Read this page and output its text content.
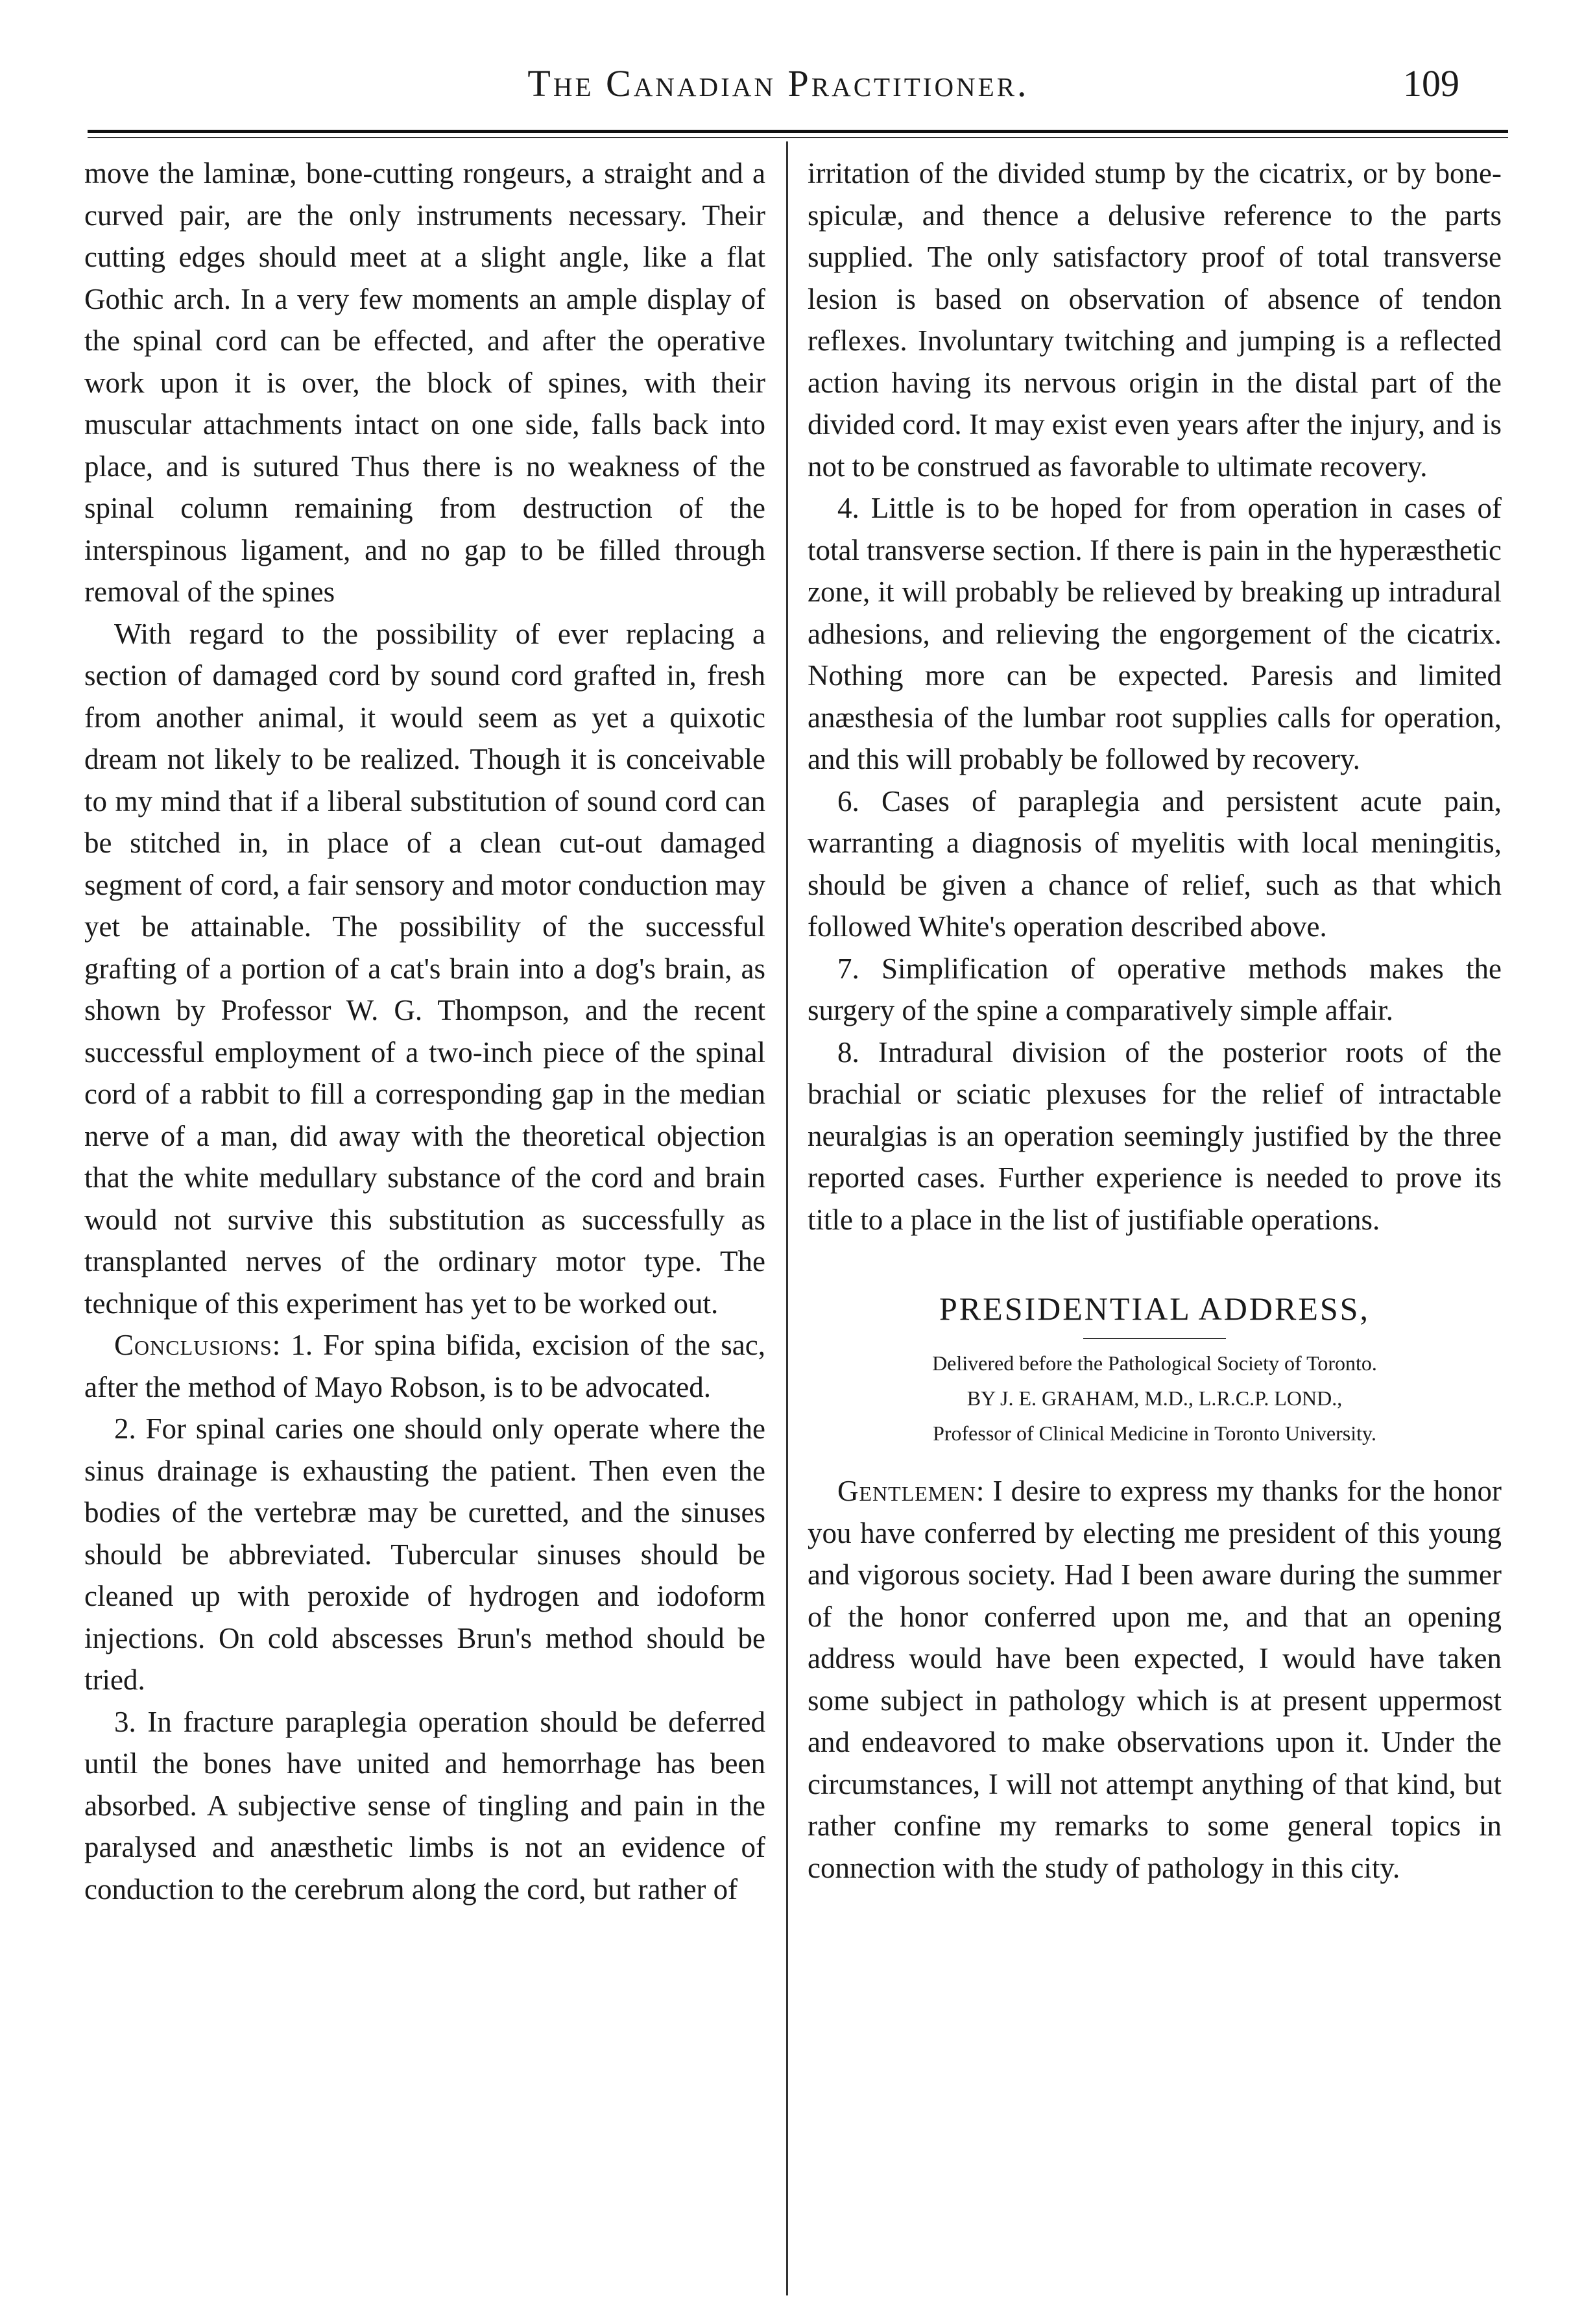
The Canadian Practitioner.	109

move the laminæ, bone-cutting rongeurs, a straight and a curved pair, are the only instruments necessary. Their cutting edges should meet at a slight angle, like a flat Gothic arch. In a very few moments an ample display of the spinal cord can be effected, and after the operative work upon it is over, the block of spines, with their muscular attachments intact on one side, falls back into place, and is sutured Thus there is no weakness of the spinal column remaining from destruction of the interspinous ligament, and no gap to be filled through removal of the spines

With regard to the possibility of ever replacing a section of damaged cord by sound cord grafted in, fresh from another animal, it would seem as yet a quixotic dream not likely to be realized. Though it is conceivable to my mind that if a liberal substitution of sound cord can be stitched in, in place of a clean cut-out damaged segment of cord, a fair sensory and motor conduction may yet be attainable. The possibility of the successful grafting of a portion of a cat's brain into a dog's brain, as shown by Professor W. G. Thompson, and the recent successful employment of a two-inch piece of the spinal cord of a rabbit to fill a corresponding gap in the median nerve of a man, did away with the theoretical objection that the white medullary substance of the cord and brain would not survive this substitution as successfully as transplanted nerves of the ordinary motor type. The technique of this experiment has yet to be worked out.

Conclusions: 1. For spina bifida, excision of the sac, after the method of Mayo Robson, is to be advocated.

2. For spinal caries one should only operate where the sinus drainage is exhausting the patient. Then even the bodies of the vertebræ may be curetted, and the sinuses should be abbreviated. Tubercular sinuses should be cleaned up with peroxide of hydrogen and iodoform injections. On cold abscesses Brun's method should be tried.

3. In fracture paraplegia operation should be deferred until the bones have united and hemorrhage has been absorbed. A subjective sense of tingling and pain in the paralysed and anæsthetic limbs is not an evidence of conduction to the cerebrum along the cord, but rather of

irritation of the divided stump by the cicatrix, or by bone-spiculæ, and thence a delusive reference to the parts supplied. The only satisfactory proof of total transverse lesion is based on observation of absence of tendon reflexes. Involuntary twitching and jumping is a reflected action having its nervous origin in the distal part of the divided cord. It may exist even years after the injury, and is not to be construed as favorable to ultimate recovery.

4. Little is to be hoped for from operation in cases of total transverse section. If there is pain in the hyperæsthetic zone, it will probably be relieved by breaking up intradural adhesions, and relieving the engorgement of the cicatrix. Nothing more can be expected. Paresis and limited anæsthesia of the lumbar root supplies calls for operation, and this will probably be followed by recovery.

6. Cases of paraplegia and persistent acute pain, warranting a diagnosis of myelitis with local meningitis, should be given a chance of relief, such as that which followed White's operation described above.

7. Simplification of operative methods makes the surgery of the spine a comparatively simple affair.

8. Intradural division of the posterior roots of the brachial or sciatic plexuses for the relief of intractable neuralgias is an operation seemingly justified by the three reported cases. Further experience is needed to prove its title to a place in the list of justifiable operations.

PRESIDENTIAL ADDRESS,
Delivered before the Pathological Society of Toronto.
BY J. E. GRAHAM, M.D., L.R.C.P. LOND.,
Professor of Clinical Medicine in Toronto University.

Gentlemen: I desire to express my thanks for the honor you have conferred by electing me president of this young and vigorous society. Had I been aware during the summer of the honor conferred upon me, and that an opening address would have been expected, I would have taken some subject in pathology which is at present uppermost and endeavored to make observations upon it. Under the circumstances, I will not attempt anything of that kind, but rather confine my remarks to some general topics in connection with the study of pathology in this city.
